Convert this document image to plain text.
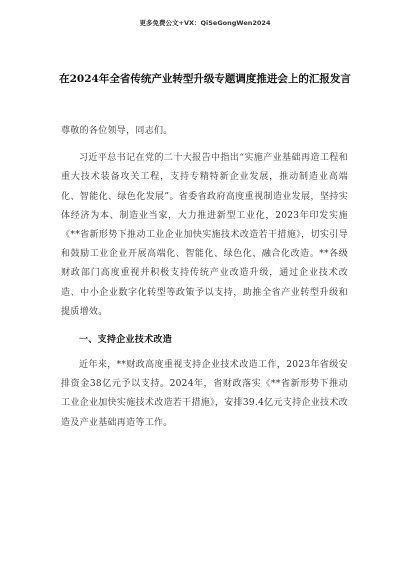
更多免费公文+VX：QiSeGongWen2024
在2024年全省传统产业转型升级专题调度推进会上的汇报发言

尊敬的各位领导，同志们。

习近平总书记在党的二十大报告中指出“实施产业基础再造工程和重大技术装备攻关工程，支持专精特新企业发展，推动制造业高端化、智能化、绿色化发展”。省委省政府高度重视制造业发展，坚持实体经济为本、制造业当家，大力推进新型工业化，2023年印发实施《**省新形势下推动工业企业加快实施技术改造若干措施》，切实引导和鼓励工业企业开展高端化、智能化、绿色化、融合化改造。**各级财政部门高度重视并积极支持传统产业改造升级，通过企业技术改造、中小企业数字化转型等政策予以支持，助推全省产业转型升级和提质增效。

一、支持企业技术改造

近年来，**财政高度重视支持企业技术改造工作，2023年省级安排资金38亿元予以支持。2024年，省财政落实《**省新形势下推动工业企业加快实施技术改造若干措施》，安排39.4亿元支持企业技术改造及产业基础再造等工作。
